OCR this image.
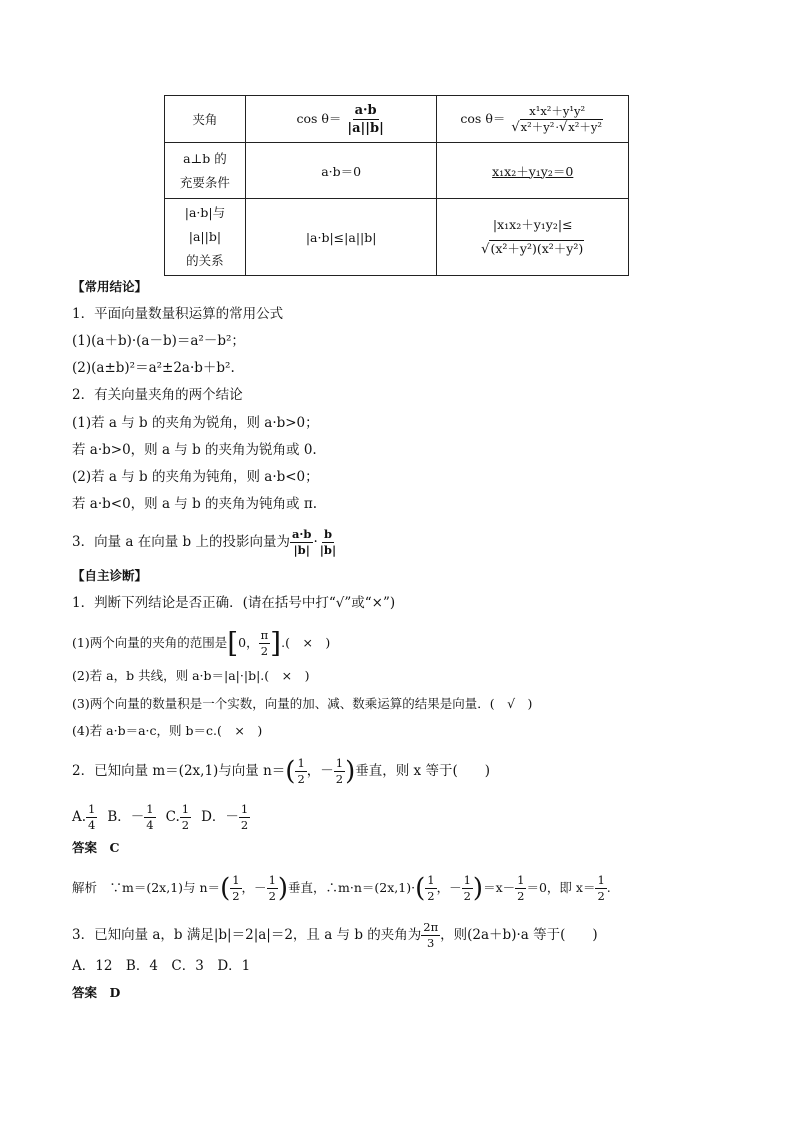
夹角	$\cos \theta= \frac{a\cdot b}{|a||b|}$	$\cos \theta= \frac{\text{x¹x²＋y¹y²}}{\text{√x²＋y²·√x²＋y²}}$

a⊥b 的
充要条件	a·b＝0	x₁x₂＋y₁y₂＝0

|a·b|与
|a||b|
的关系	|a·b|≤|a||b|	|x₁x₂＋y₁y₂|≤
√(x²＋y²)(x²＋y²)
【常用结论】
1．平面向量数量积运算的常用公式
(1)(a＋b)·(a－b)＝a²－b²；
(2)(a±b)²＝a²±2a·b＋b².
2．有关向量夹角的两个结论
(1)若 a 与 b 的夹角为锐角，则 a·b>0；
若 a·b>0，则 a 与 b 的夹角为锐角或 0.
(2)若 a 与 b 的夹角为钝角，则 a·b<0；
若 a·b<0，则 a 与 b 的夹角为钝角或 π.
3．向量 a 在向量 b 上的投影向量为 $\frac{a\cdot b}{|b|} \cdot \frac{b}{|b|}$
【自主诊断】
1．判断下列结论是否正确．(请在括号中打“√”或“×”)
(1)两个向量的夹角的范围是[0， $\frac{\pi}{2}$ ].(　×　)
(2)若 a，b 共线，则 a·b＝|a|·|b|.(　×　)
(3)两个向量的数量积是一个实数，向量的加、减、数乘运算的结果是向量．(　√　)
(4)若 a·b＝a·c，则 b＝c.(　×　)
2．已知向量 m＝(2x,1)与向量 $n=( \frac{1}{2}$ ，－ $\frac{1}{2}$ )垂直，则 x 等于(　　)
A. $\frac{1}{4}$ B．－ $\frac{1}{4} C$. $\frac{1}{2}$ D．－ $\frac{1}{2}$
答案　C
解析　∵m＝(2x,1)与 $n=( \frac{1}{2}$ ，－ $\frac{1}{2}$ )垂直，∴m·n＝(2x,1)·( $\frac{1}{2}$ ，－ $\frac{1}{2} )=x- \frac{1}{2} =0$，即 $x= \frac{1}{2}$ .
3．已知向量 a，b 满足|b|＝2|a|＝2，且 a 与 b 的夹角为 $\frac{2\pi}{3}$ ，则(2a＋b)·a 等于(　　)
A．12　B．4　C．3　D．1
答案　D
